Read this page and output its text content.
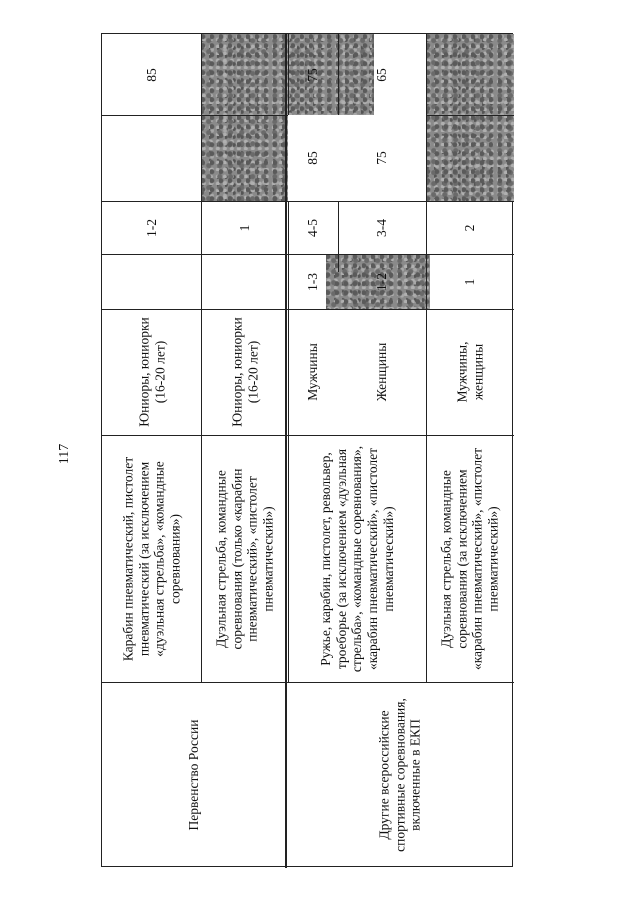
117
Первенство России	Другие всероссийские спортивные соревнования, включенные в ЕКП
Карабин пневматический, пистолет пневматический (за исключением «дуэльная стрельба», «командные соревнования»)
Юниоры, юниорки (16-20 лет)
1-2
85
Дуэльная стрельба, командные соревнования (только «карабин пневматический», «пистолет пневматический»)
Юниоры, юниорки (16-20 лет)
1
Ружье, карабин, пистолет, револьвер, троеборье (за исключением «дуэльная стрельба», «командные соревнования», «карабин пневматический», «пистолет пневматический»)
Мужчины
1-3
4-5
85
75
Женщины
1-2
3-4
75
65
Дуэльная стрельба, командные соревнования (за исключением «карабин пневматический», «пистолет пневматический»)
Мужчины, женщины
1
2
